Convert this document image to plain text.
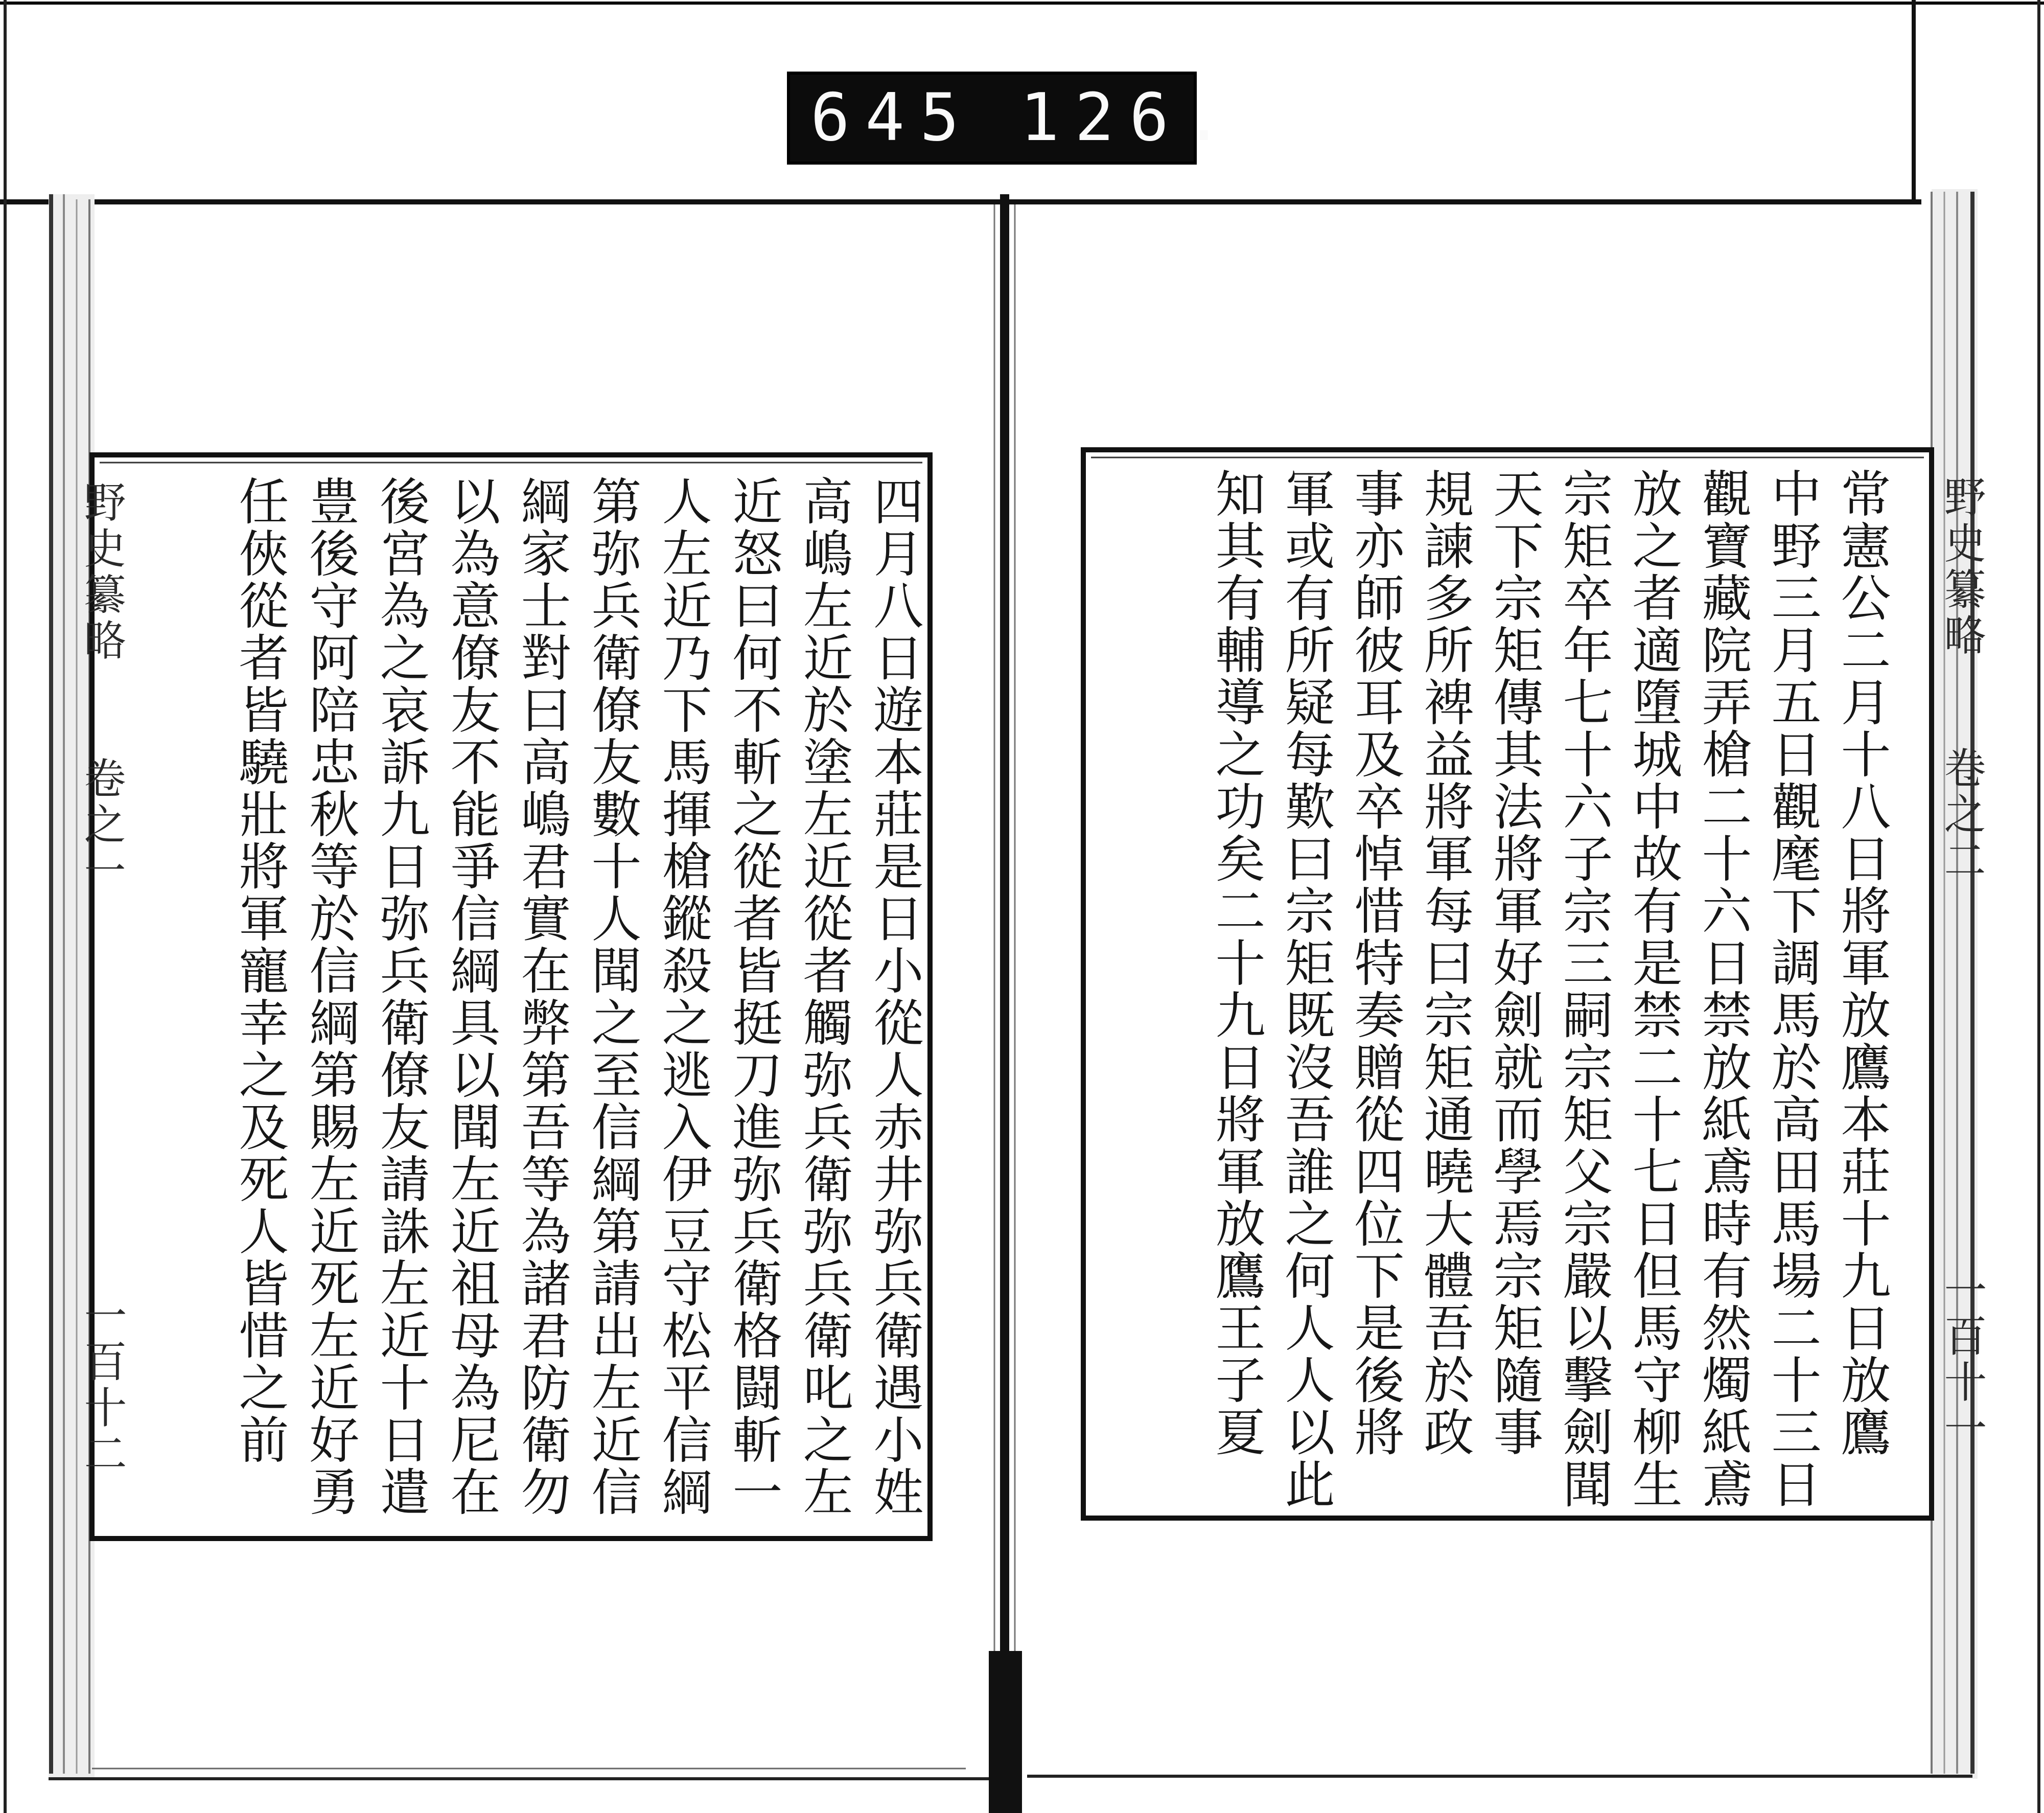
645 126.
野史纂略
卷之一
一百十二	四月八日遊本莊是日小從人赤井弥兵衛遇小姓
高嶋左近於塗左近從者觸弥兵衛弥兵衛叱之左
近怒曰何不斬之從者皆挺刀進弥兵衛格闘斬一
人左近乃下馬揮槍鏦殺之逃入伊豆守松平信綱
第弥兵衛僚友數十人聞之至信綱第請出左近信
綱家士對曰高嶋君實在弊第吾等為諸君防衛勿
以為意僚友不能爭信綱具以聞左近祖母為尼在
後宮為之哀訴九日弥兵衛僚友請誅左近十日遣
豊後守阿陪忠秋等於信綱第賜左近死左近好勇
任俠從者皆驍壯將軍寵幸之及死人皆惜之前	常憲公二月十八日將軍放鷹本莊十九日放鷹
中野三月五日觀麾下調馬於高田馬場二十三日
觀寶藏院弄槍二十六日禁放紙鳶時有然燭紙鳶
放之者適墮城中故有是禁二十七日但馬守柳生
宗矩卒年七十六子宗三嗣宗矩父宗嚴以擊劍聞
天下宗矩傳其法將軍好劍就而學焉宗矩隨事
規諫多所裨益將軍每曰宗矩通曉大體吾於政
事亦師彼耳及卒悼惜特奏贈從四位下是後將
軍或有所疑每歎曰宗矩既沒吾誰之何人人以此
知其有輔導之功矣二十九日將軍放鷹王子夏	野史纂略
卷之二
一百十一
